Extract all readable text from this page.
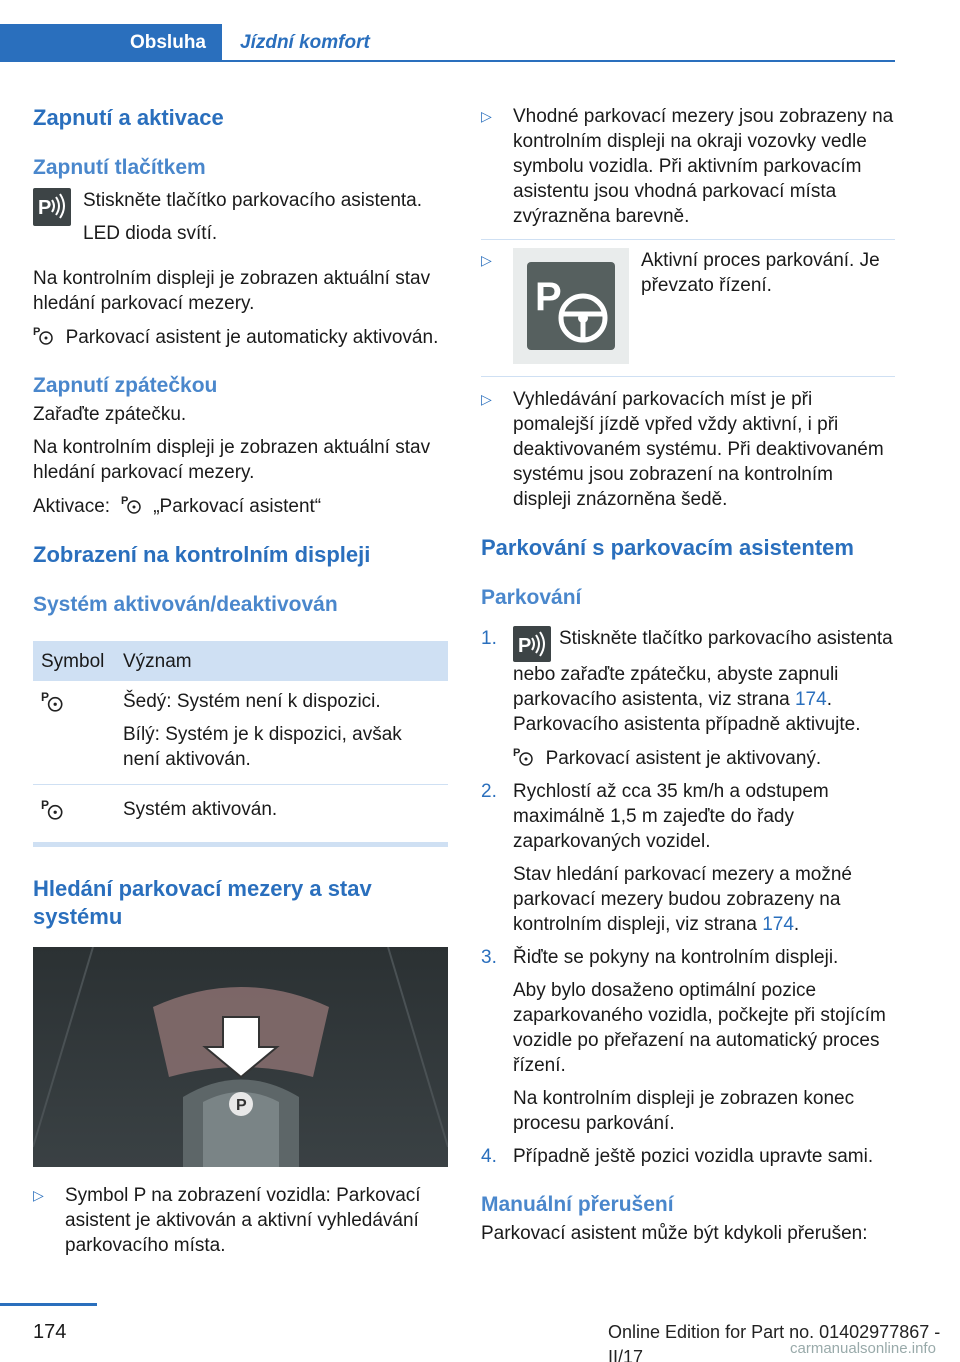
Obsluha	Jízdní komfort
Zapnutí a aktivace
Zapnutí tlačítkem
P Stiskněte tlačítko parkovacího asistenta.

LED dioda svítí.

Na kontrolním displeji je zobrazen aktuální stav hledání parkovací mezery.

P Parkovací asistent je automaticky aktivován.

Zapnutí zpátečkou

Zařaďte zpátečku.

Na kontrolním displeji je zobrazen aktuální stav hledání parkovací mezery.

Aktivace: P „Parkovací asistent“

Zobrazení na kontrolním displeji
Systém aktivován/deaktivován
Symbol	Význam

P	Šedý: Systém není k dispozici.

Bílý: Systém je k dispozici, avšak není aktivován.

P	Systém aktivován.
Hledání parkovací mezery a stav systému
P
▷	Symbol P na zobrazení vozidla: Parkovací asistent je aktivován a aktivní vyhledávání parkovacího místa.
▷	Vhodné parkovací mezery jsou zobrazeny na kontrolním displeji na okraji vozovky vedle symbolu vozidla. Při aktivním parkovacím asistentu jsou vhodná parkovací místa zvýrazněna barevně.
▷
P
Aktivní proces parkování. Je převzato řízení.
▷	Vyhledávání parkovacích míst je při pomalejší jízdě vpřed vždy aktivní, i při deaktivovaném systému. Při deaktivovaném systému jsou zobrazení na kontrolním displeji znázorněna šedě.
Parkování s parkovacím asistentem
Parkování
1.	P Stiskněte tlačítko parkovacího asistenta nebo zařaďte zpátečku, abyste zapnuli parkovacího asistenta, viz strana 174. Parkovacího asistenta případně aktivujte.

P Parkovací asistent je aktivovaný.

2. Rychlostí až cca 35 km/h a odstupem maximálně 1,5 m zajeďte do řady zaparkovaných vozidel.

Stav hledání parkovací mezery a možné parkovací mezery budou zobrazeny na kontrolním displeji, viz strana 174.

3. Řiďte se pokyny na kontrolním displeji.

Aby bylo dosaženo optimální pozice zaparkovaného vozidla, počkejte při stojícím vozidle po přeřazení na automatický proces řízení.

Na kontrolním displeji je zobrazen konec procesu parkování.

4. Případně ještě pozici vozidla upravte sami.
Manuální přerušení

Parkovací asistent může být kdykoli přerušen:

174	Online Edition for Part no. 01402977867 - II/17	carmanualsonline.info
